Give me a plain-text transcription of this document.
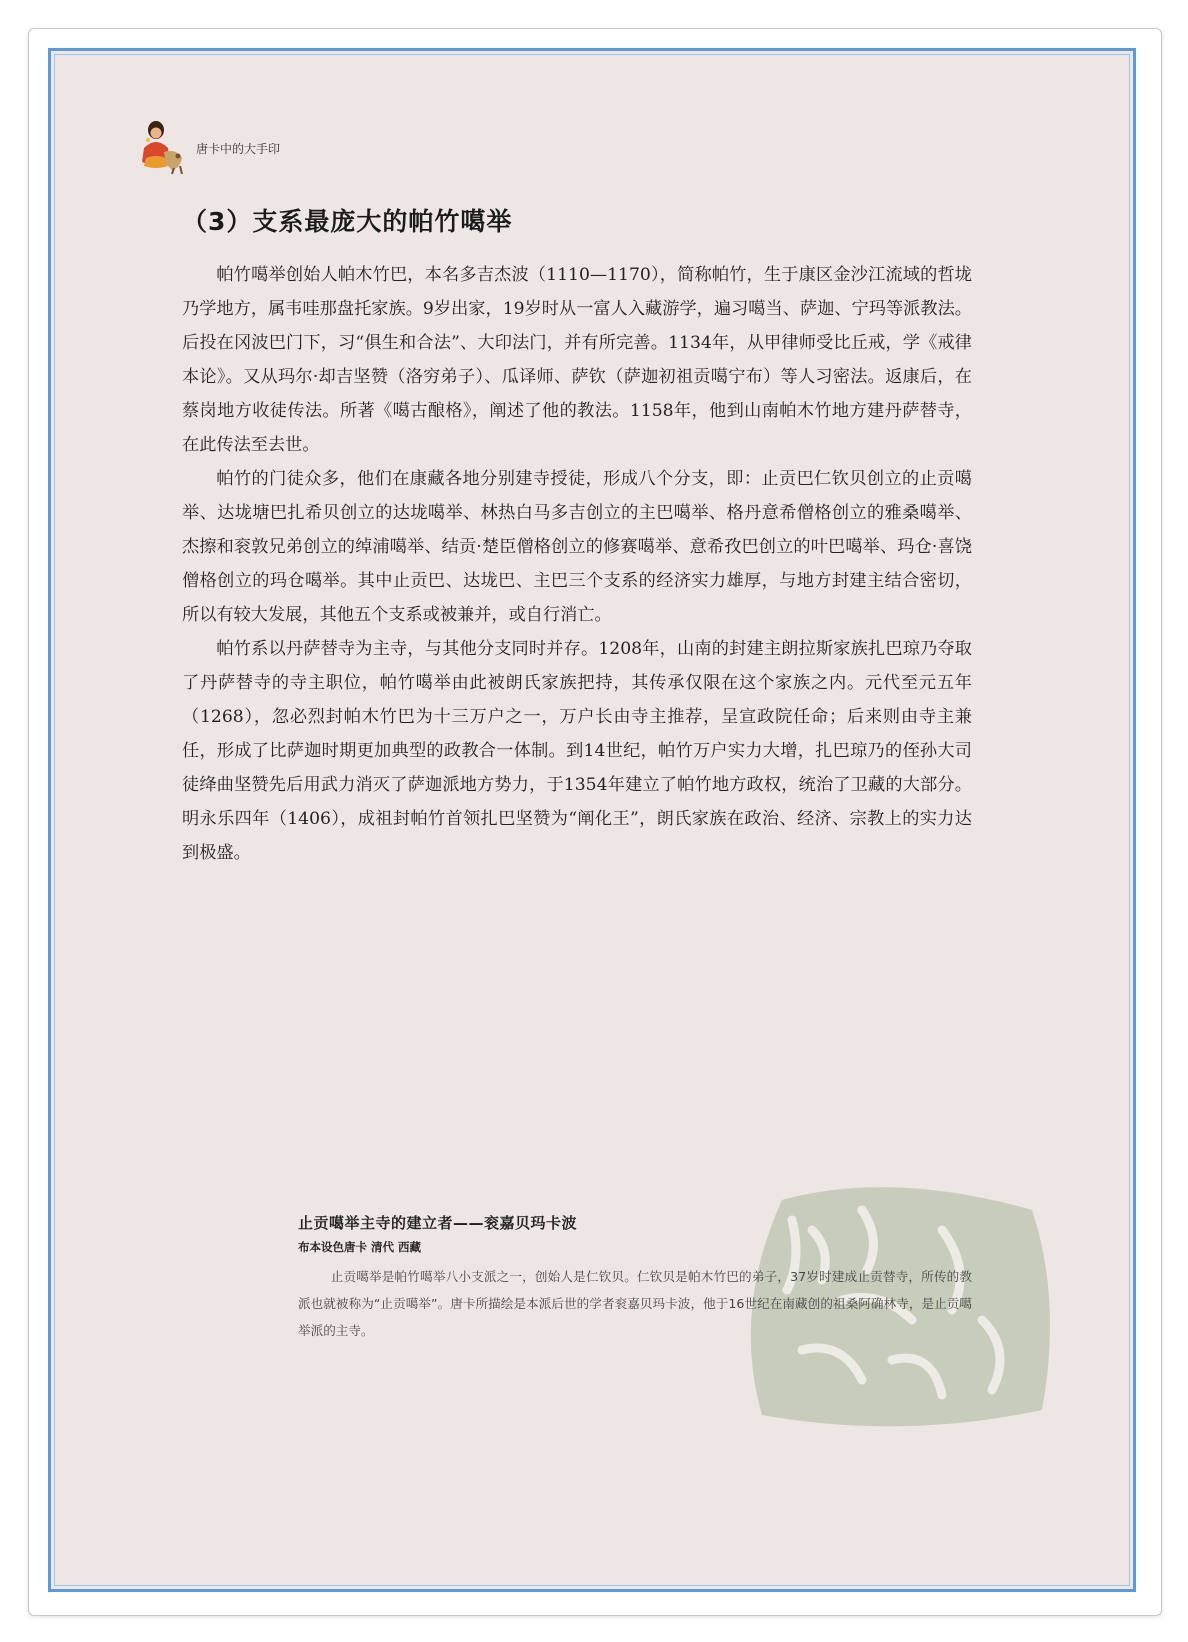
唐卡中的大手印
（3）支系最庞大的帕竹噶举

帕竹噶举创始人帕木竹巴，本名多吉杰波（1110—1170），简称帕竹，生于康区金沙江流域的哲垅乃学地方，属韦哇那盘托家族。9岁出家，19岁时从一富人入藏游学，遍习噶当、萨迦、宁玛等派教法。后投在冈波巴门下，习“俱生和合法”、大印法门，并有所完善。1134年，从甲律师受比丘戒，学《戒律本论》。又从玛尔·却吉坚赞（洛穷弟子）、瓜译师、萨钦（萨迦初祖贡噶宁布）等人习密法。返康后，在蔡岗地方收徒传法。所著《噶古酿格》，阐述了他的教法。1158年，他到山南帕木竹地方建丹萨替寺，在此传法至去世。

帕竹的门徒众多，他们在康藏各地分别建寺授徒，形成八个分支，即：止贡巴仁钦贝创立的止贡噶举、达垅塘巴扎希贝创立的达垅噶举、林热白马多吉创立的主巴噶举、格丹意希僧格创立的雅桑噶举、杰擦和衮敦兄弟创立的绰浦噶举、结贡·楚臣僧格创立的修赛噶举、意希孜巴创立的叶巴噶举、玛仓·喜饶僧格创立的玛仓噶举。其中止贡巴、达垅巴、主巴三个支系的经济实力雄厚，与地方封建主结合密切，所以有较大发展，其他五个支系或被兼并，或自行消亡。

帕竹系以丹萨替寺为主寺，与其他分支同时并存。1208年，山南的封建主朗拉斯家族扎巴琼乃夺取了丹萨替寺的寺主职位，帕竹噶举由此被朗氏家族把持，其传承仅限在这个家族之内。元代至元五年（1268），忽必烈封帕木竹巴为十三万户之一，万户长由寺主推荐，呈宣政院任命；后来则由寺主兼任，形成了比萨迦时期更加典型的政教合一体制。到14世纪，帕竹万户实力大增，扎巴琼乃的侄孙大司徒绛曲坚赞先后用武力消灭了萨迦派地方势力，于1354年建立了帕竹地方政权，统治了卫藏的大部分。明永乐四年（1406），成祖封帕竹首领扎巴坚赞为“阐化王”，朗氏家族在政治、经济、宗教上的实力达到极盛。

止贡噶举主寺的建立者——衮嘉贝玛卡波
布本设色唐卡 清代 西藏

止贡噶举是帕竹噶举八小支派之一，创始人是仁钦贝。仁钦贝是帕木竹巴的弟子，37岁时建成止贡替寺，所传的教派也就被称为“止贡噶举”。唐卡所描绘是本派后世的学者衮嘉贝玛卡波，他于16世纪在南藏创的祖桑阿确林寺，是止贡噶举派的主寺。
